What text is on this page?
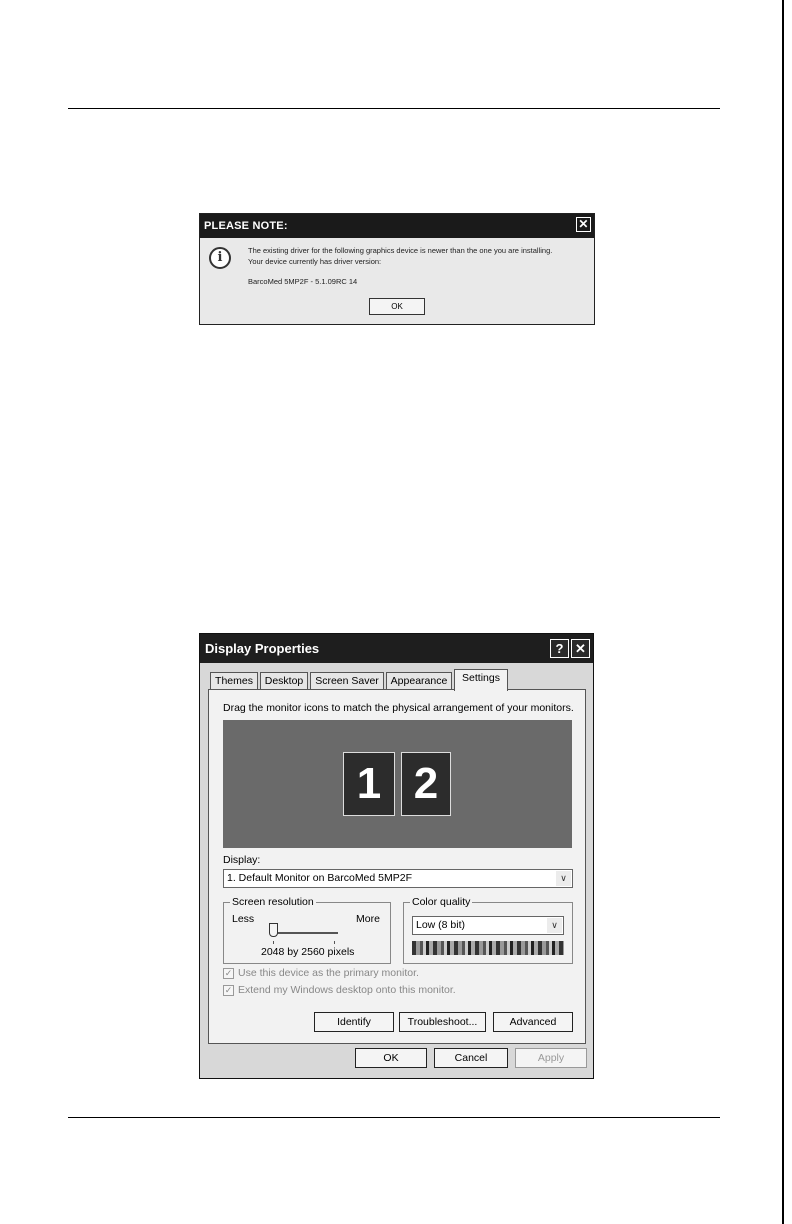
PLEASE NOTE:	✕
i	The existing driver for the following graphics device is newer than the one you are installing.
Your device currently has driver version:
BarcoMed 5MP2F - 5.1.09RC 14
OK
Display Properties	? ✕
Themes	Desktop	Screen Saver	Appearance	Settings
Drag the monitor icons to match the physical arrangement of your monitors.
1 2
Display:
1. Default Monitor on BarcoMed 5MP2F	∨
Screen resolution
Less	More
2048 by 2560 pixels
Color quality
Low (8 bit)	∨
✓ Use this device as the primary monitor.
✓ Extend my Windows desktop onto this monitor.
Identify	Troubleshoot...	Advanced
OK	Cancel	Apply
